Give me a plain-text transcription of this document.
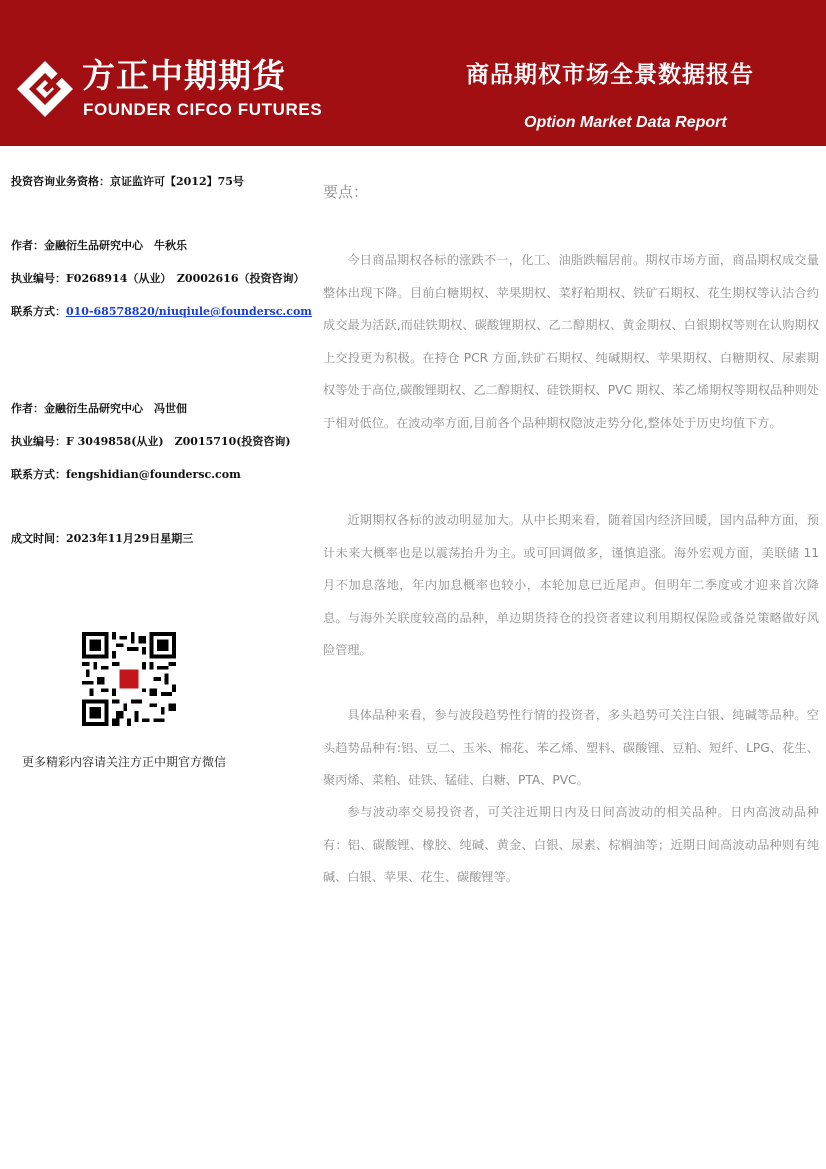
方正中期期货
FOUNDER CIFCO FUTURES
商品期权市场全景数据报告
Option Market Data Report
投资咨询业务资格：京证监许可【2012】75号
作者：金融衍生品研究中心　牛秋乐
执业编号：F0268914（从业）　Z0002616（投资咨询）
联系方式：010-68578820/niuqiule@foundersc.com
作者：金融衍生品研究中心　冯世佃
执业编号：F 3049858(从业)　Z0015710(投资咨询)
联系方式：fengshidian@foundersc.com
成文时间：2023年11月29日星期三
更多精彩内容请关注方正中期官方微信
要点：

今日商品期权各标的涨跌不一，化工、油脂跌幅居前。期权市场方面，商品期权成交量整体出现下降。目前白糖期权、苹果期权、菜籽粕期权、铁矿石期权、花生期权等认沽合约成交最为活跃,而硅铁期权、碳酸锂期权、乙二醇期权、黄金期权、白银期权等则在认购期权上交投更为积极。在持仓 PCR 方面,铁矿石期权、纯碱期权、苹果期权、白糖期权、尿素期权等处于高位,碳酸锂期权、乙二醇期权、硅铁期权、PVC 期权、苯乙烯期权等期权品种则处于相对低位。在波动率方面,目前各个品种期权隐波走势分化,整体处于历史均值下方。

近期期权各标的波动明显加大。从中长期来看，随着国内经济回暖，国内品种方面，预计未来大概率也是以震荡抬升为主。或可回调做多，谨慎追涨。海外宏观方面，美联储 11 月不加息落地，年内加息概率也较小，本轮加息已近尾声。但明年二季度或才迎来首次降息。与海外关联度较高的品种，单边期货持仓的投资者建议利用期权保险或备兑策略做好风险管理。

具体品种来看，参与波段趋势性行情的投资者，多头趋势可关注白银、纯碱等品种。空头趋势品种有:铝、豆二、玉米、棉花、苯乙烯、塑料、碳酸锂、豆粕、短纤、LPG、花生、聚丙烯、菜粕、硅铁、锰硅、白糖、PTA、PVC。

参与波动率交易投资者，可关注近期日内及日间高波动的相关品种。日内高波动品种有：铝、碳酸锂、橡胶、纯碱、黄金、白银、尿素、棕榈油等；近期日间高波动品种则有纯碱、白银、苹果、花生、碳酸锂等。
